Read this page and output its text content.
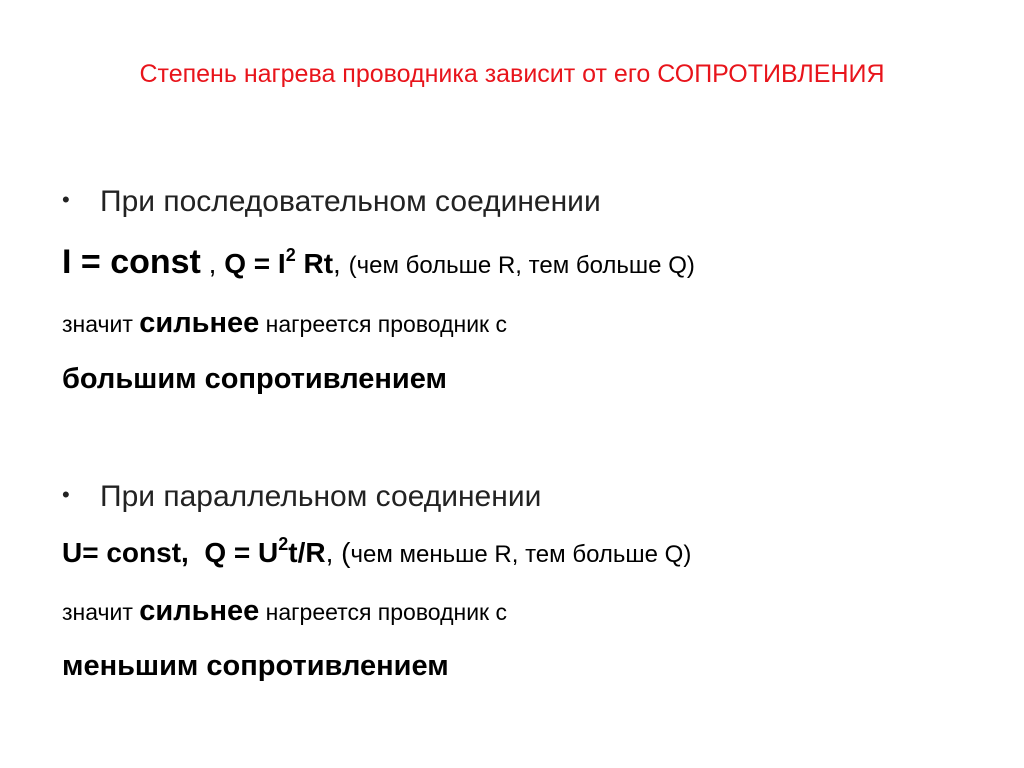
Степень нагрева проводника зависит от его СОПРОТИВЛЕНИЯ
• При последовательном соединении
I = const , $Q = I^2$ Rt, (чем больше R, тем больше Q)
значит сильнее нагреется проводник с
большим сопротивлением
• При параллельном соединении
U= const,  $Q = U^2t/R$, (чем меньше R, тем больше Q)
значит сильнее нагреется проводник с
меньшим сопротивлением
